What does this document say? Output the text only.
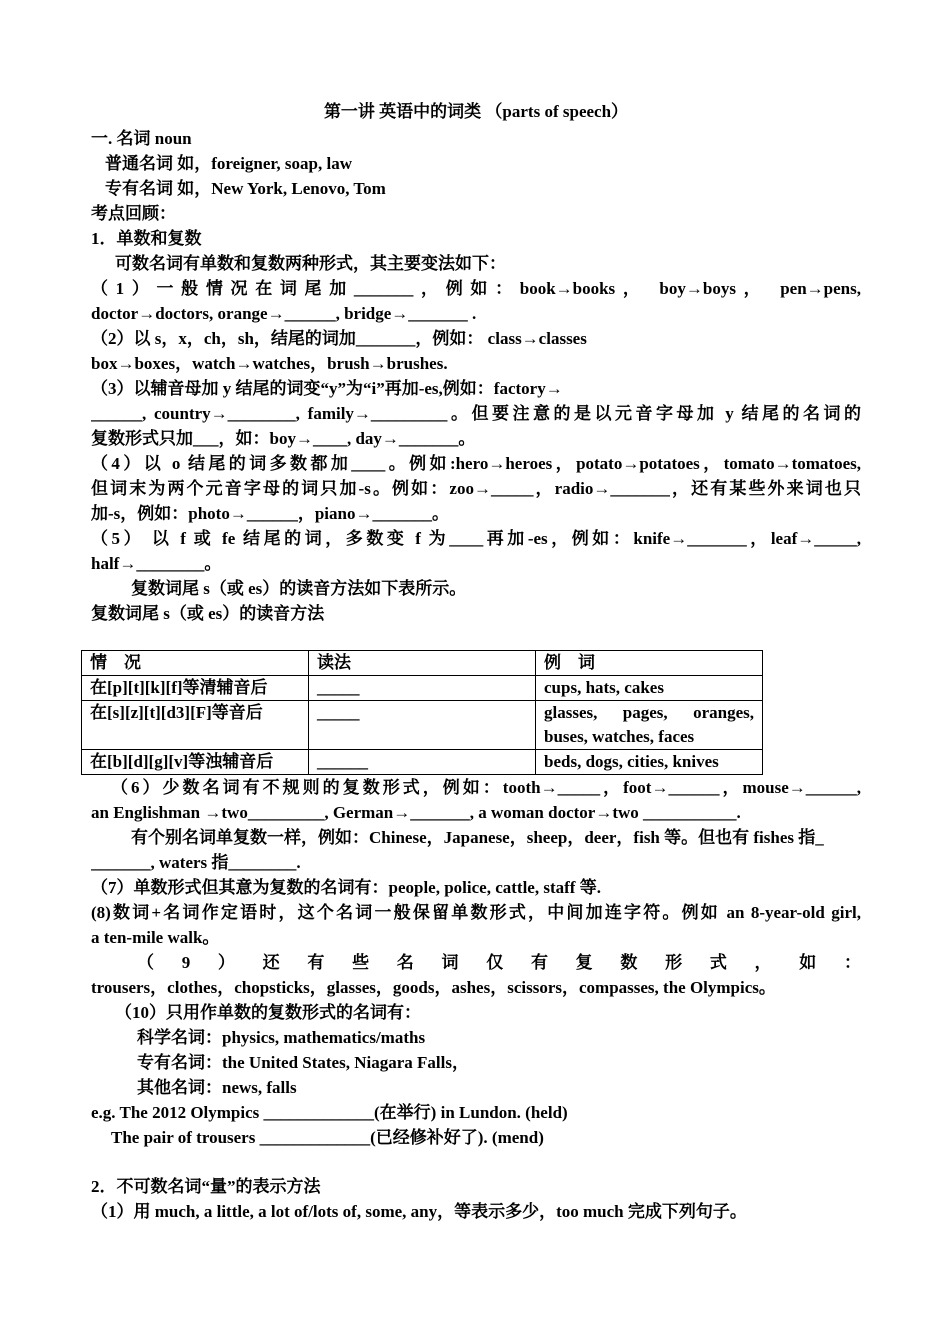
第一讲 英语中的词类 （parts of speech）
一. 名词 noun
普通名词 如，foreigner, soap, law
专有名词 如，New York, Lenovo, Tom
考点回顾：
1．单数和复数
可数名词有单数和复数两种形式，其主要变法如下：
（1）一般情况在词尾加_______，例如：book→books， boy→boys， pen→pens,
doctor→doctors, orange→______, bridge→_______ .
（2）以 s，x，ch，sh，结尾的词加_______，例如： class→classes
box→boxes，watch→watches，brush→brushes.
（3）以辅音母加 y 结尾的词变“y”为“i”再加-es,例如：factory→
______, country→________, family→_________。但要注意的是以元音字母加 y 结尾的名词的
复数形式只加___，如：boy→____, day→_______。
（4）以 o 结尾的词多数都加____。例如:hero→heroes，potato→potatoes，tomato→tomatoes,
但词末为两个元音字母的词只加-s。例如：zoo→_____，radio→_______，还有某些外来词也只
加-s，例如：photo→______，piano→_______。
（5） 以 f 或 fe 结尾的词，多数变 f 为____再加-es，例如：knife→_______，leaf→_____,
half→________。
复数词尾 s（或 es）的读音方法如下表所示。
复数词尾 s（或 es）的读音方法
情　况	读法	例　词
在[p][t][k][f]等清辅音后	_____	cups, hats, cakes
在[s][z][t][d3][F]等音后	_____	glasses, pages, oranges, buses, watches, faces
在[b][d][g][v]等浊辅音后	______	beds, dogs, cities, knives
（6）少数名词有不规则的复数形式，例如：tooth→_____，foot→______，mouse→______,
an Englishman →two_________, German→_______, a woman doctor→two ___________.
有个别名词单复数一样，例如：Chinese，Japanese，sheep，deer，fish 等。但也有 fishes 指_
_______, waters 指________.
（7）单数形式但其意为复数的名词有：people, police, cattle, staff 等.
(8)数词+名词作定语时，这个名词一般保留单数形式，中间加连字符。例如 an 8-year-old girl,
a ten-mile walk。
（9）还有些名词仅有复数形式，如：
trousers，clothes，chopsticks，glasses，goods，ashes，scissors，compasses, the Olympics。
（10）只用作单数的复数形式的名词有：
科学名词：physics, mathematics/maths
专有名词：the United States, Niagara Falls，
其他名词：news, falls
e.g. The 2012 Olympics _____________(在举行) in Lundon. (held)
The pair of trousers _____________(已经修补好了). (mend)
2．不可数名词“量”的表示方法
（1）用 much, a little, a lot of/lots of, some, any，等表示多少，too much 完成下列句子。
